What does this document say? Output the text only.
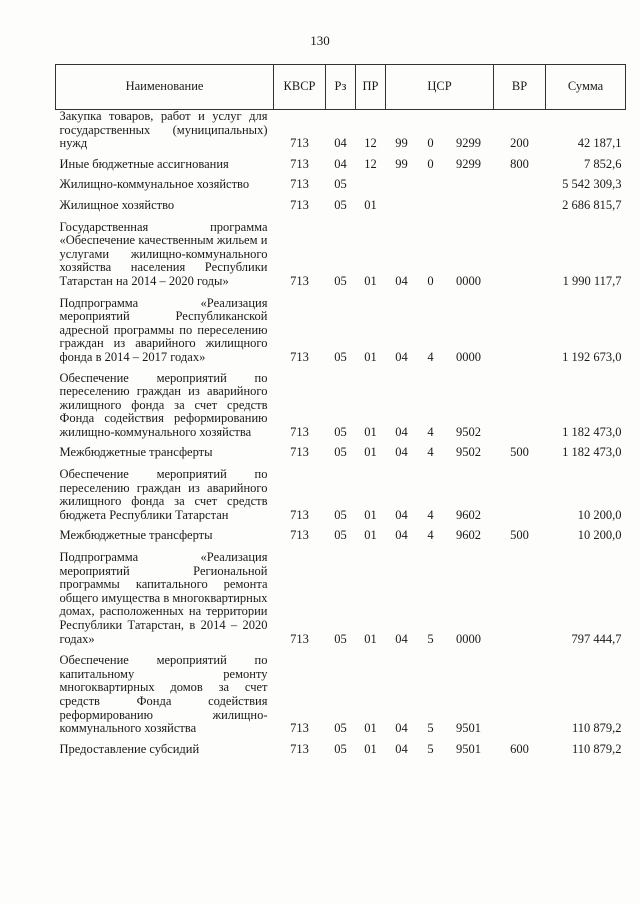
130
Наименование	КВСР	Рз	ПР	ЦСР			ВР	Сумма
Закупка товаров, работ и услуг для государственных (муниципальных) нужд	713	04	12	99	0	9299	200	42 187,1
Иные бюджетные ассигнования	713	04	12	99	0	9299	800	7 852,6
Жилищно-коммунальное хозяйство	713	05						5 542 309,3
Жилищное хозяйство	713	05	01					2 686 815,7
Государственная программа «Обеспечение качественным жильем и услугами жилищно-коммунального хозяйства населения Республики Татарстан на 2014 – 2020 годы»	713	05	01	04	0	0000		1 990 117,7
Подпрограмма «Реализация мероприятий Республиканской адресной программы по переселению граждан из аварийного жилищного фонда в 2014 – 2017 годах»	713	05	01	04	4	0000		1 192 673,0
Обеспечение мероприятий по переселению граждан из аварийного жилищного фонда за счет средств Фонда содействия реформированию жилищно-коммунального хозяйства	713	05	01	04	4	9502		1 182 473,0
Межбюджетные трансферты	713	05	01	04	4	9502	500	1 182 473,0
Обеспечение мероприятий по переселению граждан из аварийного жилищного фонда за счет средств бюджета Республики Татарстан	713	05	01	04	4	9602		10 200,0
Межбюджетные трансферты	713	05	01	04	4	9602	500	10 200,0
Подпрограмма «Реализация мероприятий Региональной программы капитального ремонта общего имущества в многоквартирных домах, расположенных на территории Республики Татарстан, в 2014 – 2020 годах»	713	05	01	04	5	0000		797 444,7
Обеспечение мероприятий по капитальному ремонту многоквартирных домов за счет средств Фонда содействия реформированию жилищно-коммунального хозяйства	713	05	01	04	5	9501		110 879,2
Предоставление субсидий	713	05	01	04	5	9501	600	110 879,2
